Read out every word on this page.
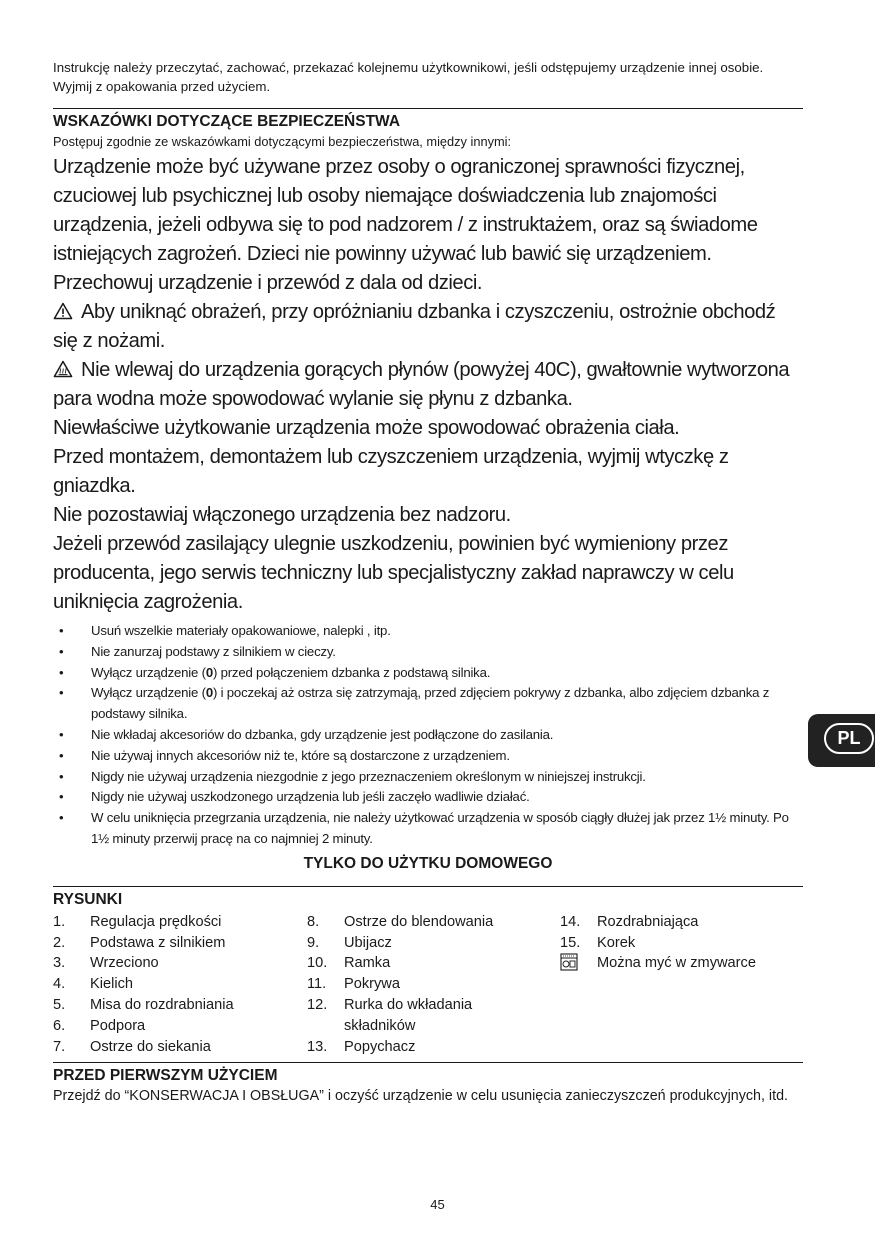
Instrukcję należy przeczytać, zachować, przekazać kolejnemu użytkownikowi, jeśli odstępujemy urządzenie innej osobie. Wyjmij z opakowania przed użyciem.

WSKAZÓWKI DOTYCZĄCE BEZPIECZEŃSTWA

Postępuj zgodnie ze wskazówkami dotyczącymi bezpieczeństwa, między innymi:

Urządzenie może być używane przez osoby o ograniczonej sprawności fizycznej, czuciowej lub psychicznej lub osoby niemające doświadczenia lub znajomości urządzenia, jeżeli odbywa się to pod nadzorem / z instruktażem, oraz są świadome istniejących zagrożeń. Dzieci nie powinny używać lub bawić się urządzeniem.

Przechowuj urządzenie i przewód z dala od dzieci.

Aby uniknąć obrażeń, przy opróżnianiu dzbanka i czyszczeniu, ostrożnie obchodź się z nożami.

Nie wlewaj do urządzenia gorących płynów (powyżej 40C), gwałtownie wytworzona para wodna może spowodować wylanie się płynu z dzbanka.

Niewłaściwe użytkowanie urządzenia może spowodować obrażenia ciała.

Przed montażem, demontażem lub czyszczeniem urządzenia, wyjmij wtyczkę z gniazdka.

Nie pozostawiaj włączonego urządzenia bez nadzoru.

Jeżeli przewód zasilający ulegnie uszkodzeniu, powinien być wymieniony przez producenta, jego serwis techniczny lub specjalistyczny zakład naprawczy w celu uniknięcia zagrożenia.

• Usuń wszelkie materiały opakowaniowe, nalepki , itp.
• Nie zanurzaj podstawy z silnikiem w cieczy.
• Wyłącz urządzenie (0) przed połączeniem dzbanka z podstawą silnika.
• Wyłącz urządzenie (0) i poczekaj aż ostrza się zatrzymają, przed zdjęciem pokrywy z dzbanka, albo zdjęciem dzbanka z podstawy silnika.
• Nie wkładaj akcesoriów do dzbanka, gdy urządzenie jest podłączone do zasilania.
• Nie używaj innych akcesoriów niż te, które są dostarczone z urządzeniem.
• Nigdy nie używaj urządzenia niezgodnie z jego przeznaczeniem określonym w niniejszej instrukcji.
• Nigdy nie używaj uszkodzonego urządzenia lub jeśli zaczęło wadliwie działać.
• W celu uniknięcia przegrzania urządzenia, nie należy użytkować urządzenia w sposób ciągły dłużej jak przez 1½ minuty. Po 1½ minuty przerwij pracę na co najmniej 2 minuty.
TYLKO DO UŻYTKU DOMOWEGO
RYSUNKI
1.	Regulacja prędkości
2.	Podstawa z silnikiem
3.	Wrzeciono
4.	Kielich
5.	Misa do rozdrabniania
6.	Podpora
7.	Ostrze do siekania
8.	Ostrze do blendowania
9.	Ubijacz
10.	Ramka
11.	Pokrywa
12.	Rurka do wkładania składników
13.	Popychacz
14.	Rozdrabniająca
15.	Korek
Można myć w zmywarce
PRZED PIERWSZYM UŻYCIEM

Przejdź do “KONSERWACJA I OBSŁUGA” i oczyść urządzenie w celu usunięcia zanieczyszczeń produkcyjnych, itd.

PL
45
